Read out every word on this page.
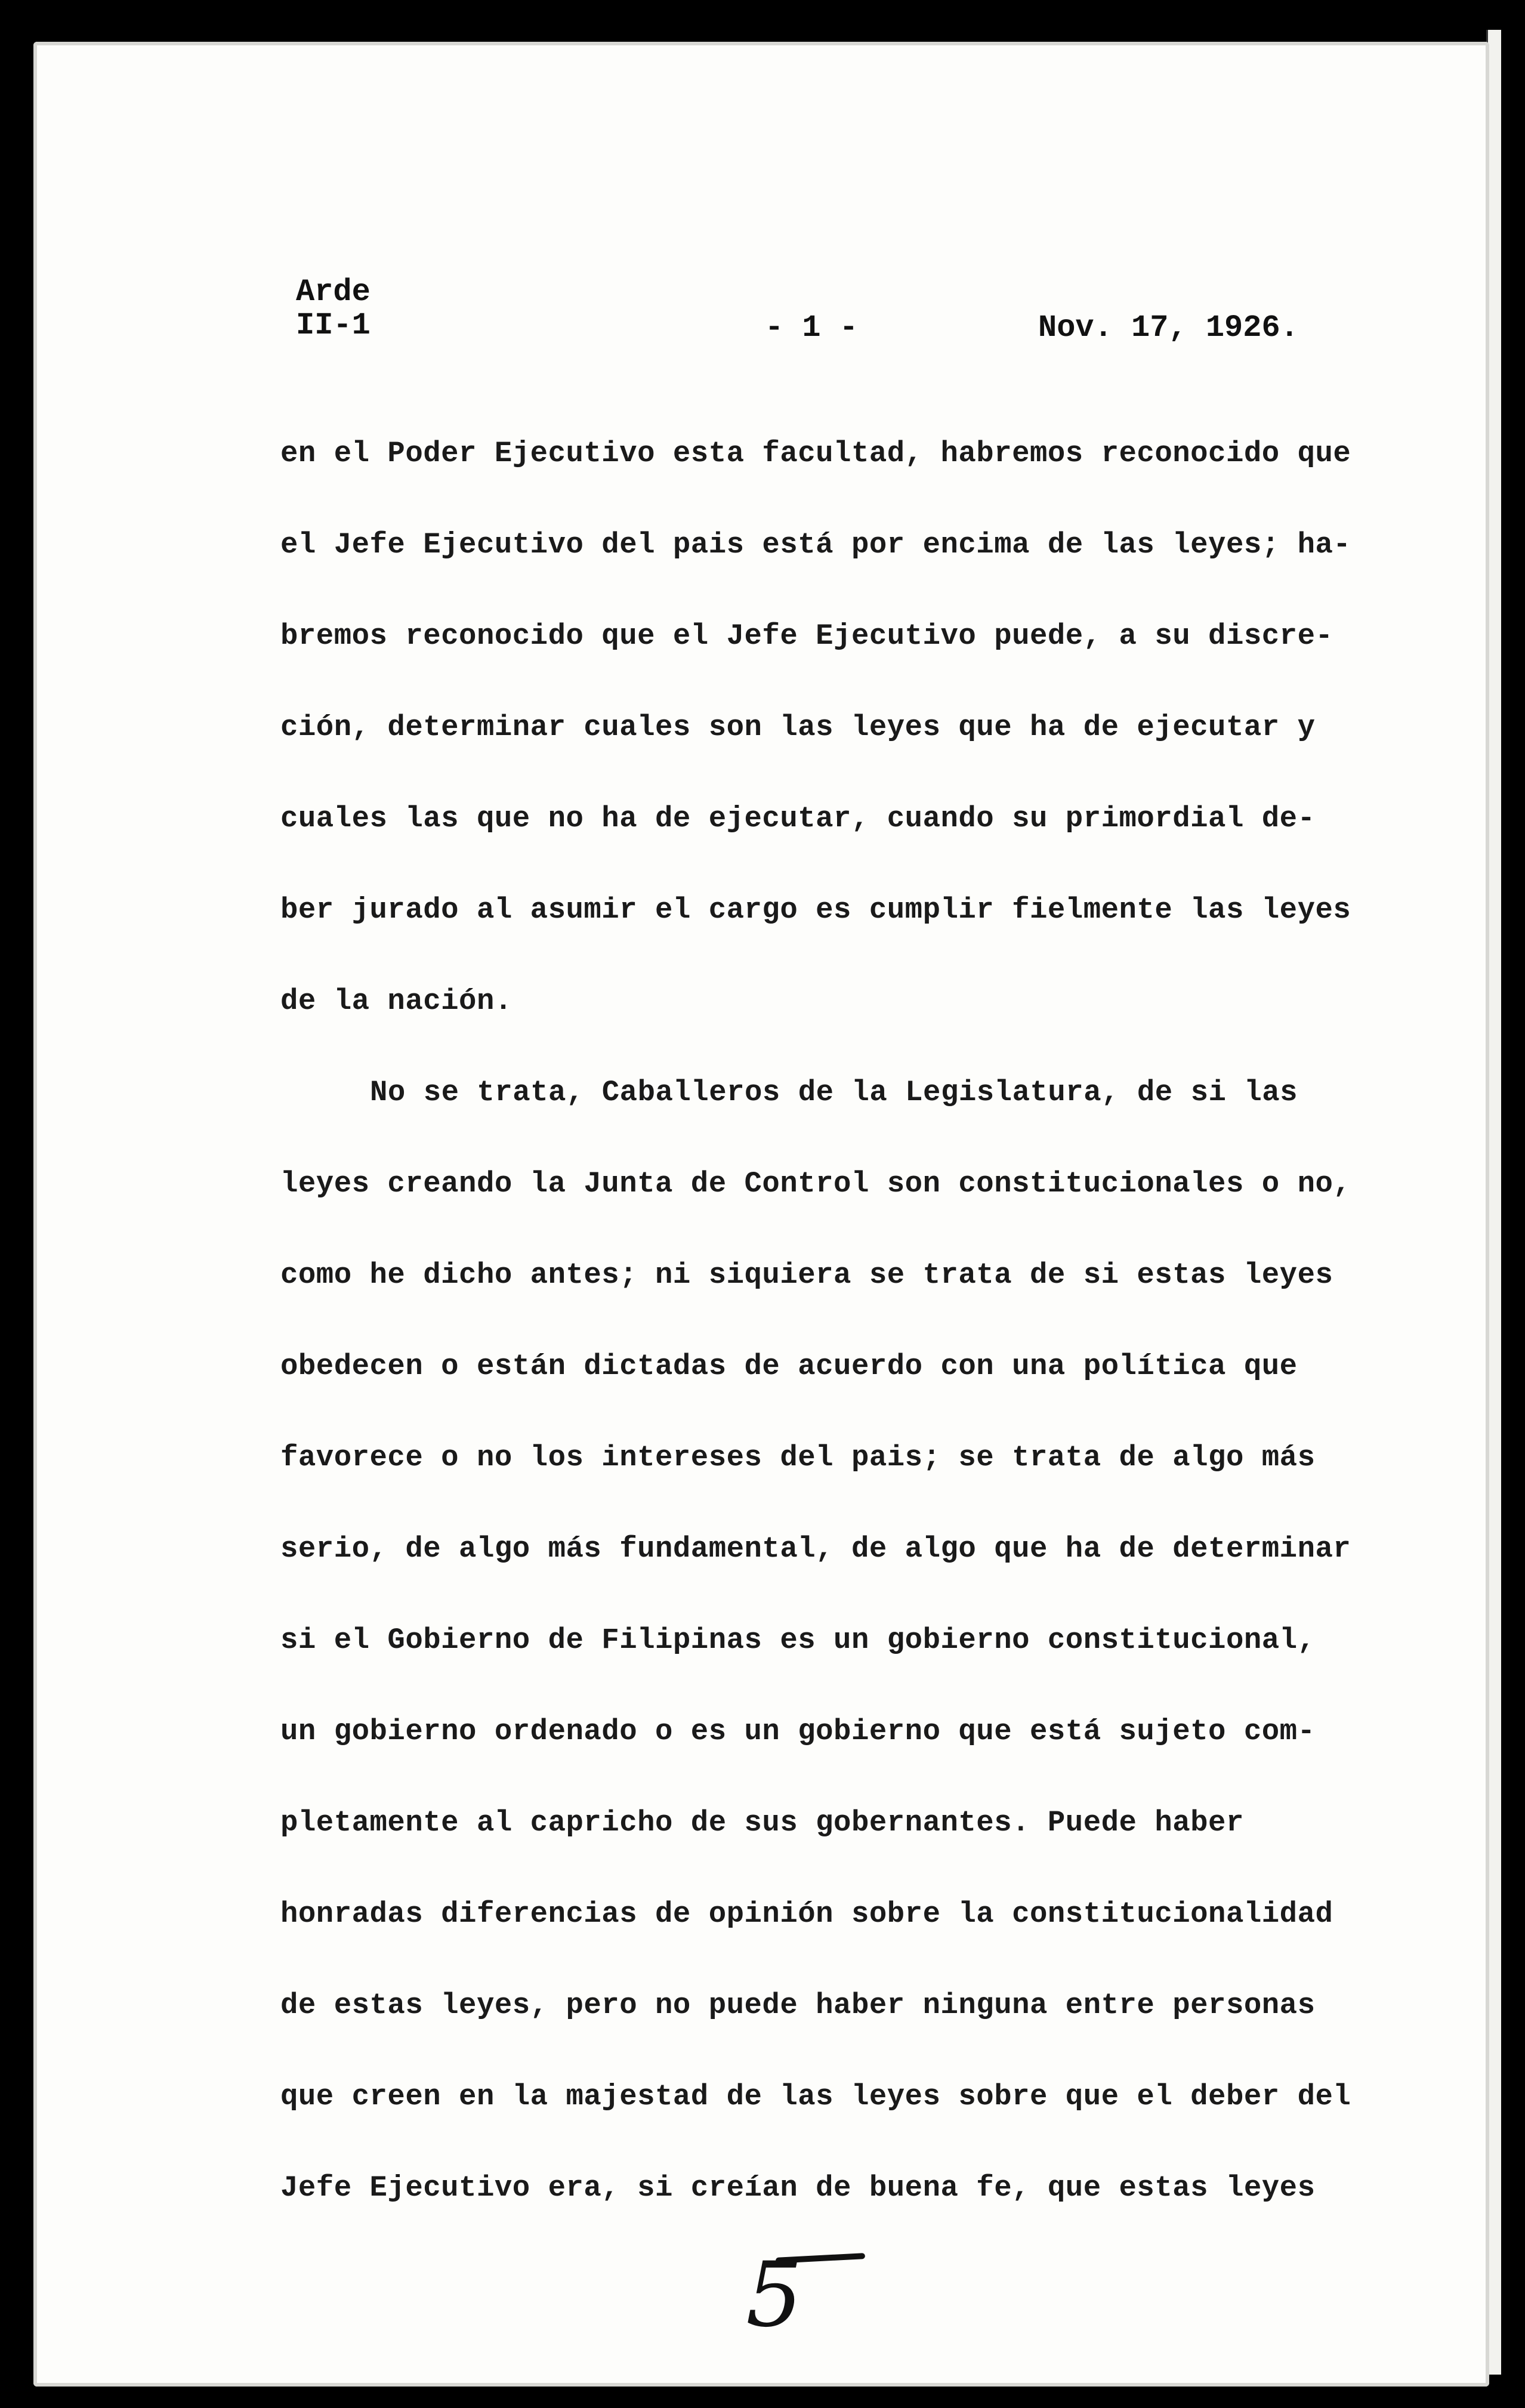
Arde
II-1	- 1 -	Nov. 17, 1926.
en el Poder Ejecutivo esta facultad, habremos reconocido que
el Jefe Ejecutivo del pais está por encima de las leyes; ha-
bremos reconocido que el Jefe Ejecutivo puede, a su discre-
ción, determinar cuales son las leyes que ha de ejecutar y
cuales las que no ha de ejecutar, cuando su primordial de-
ber jurado al asumir el cargo es cumplir fielmente las leyes
de la nación.
No se trata, Caballeros de la Legislatura, de si las
leyes creando la Junta de Control son constitucionales o no,
como he dicho antes; ni siquiera se trata de si estas leyes
obedecen o están dictadas de acuerdo con una política que
favorece o no los intereses del pais; se trata de algo más
serio, de algo más fundamental, de algo que ha de determinar
si el Gobierno de Filipinas es un gobierno constitucional,
un gobierno ordenado o es un gobierno que está sujeto com-
pletamente al capricho de sus gobernantes. Puede haber
honradas diferencias de opinión sobre la constitucionalidad
de estas leyes, pero no puede haber ninguna entre personas
que creen en la majestad de las leyes sobre que el deber del
Jefe Ejecutivo era, si creían de buena fe, que estas leyes
5
